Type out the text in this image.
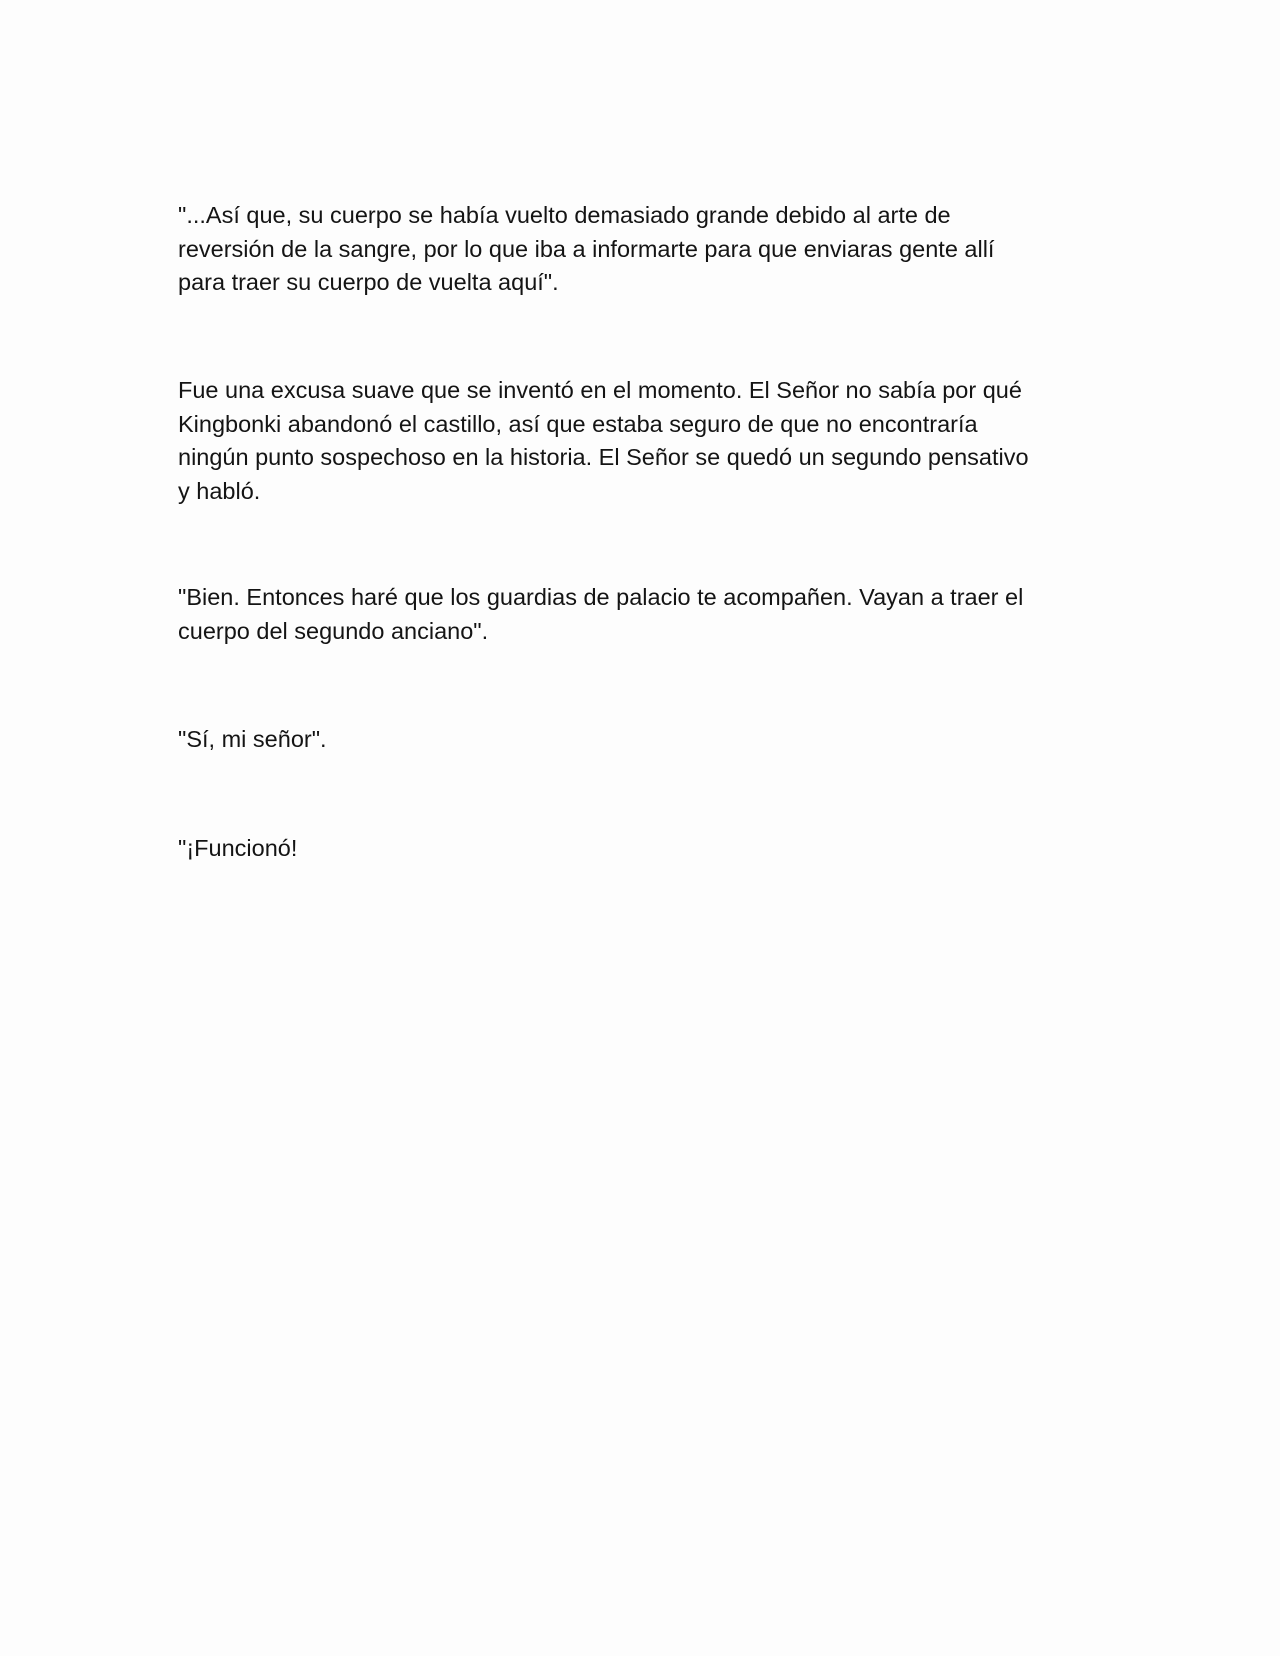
"...Así que, su cuerpo se había vuelto demasiado grande debido al arte de
reversión de la sangre, por lo que iba a informarte para que enviaras gente allí
para traer su cuerpo de vuelta aquí".

Fue una excusa suave que se inventó en el momento. El Señor no sabía por qué
Kingbonki abandonó el castillo, así que estaba seguro de que no encontraría
ningún punto sospechoso en la historia. El Señor se quedó un segundo pensativo
y habló.

"Bien. Entonces haré que los guardias de palacio te acompañen. Vayan a traer el
cuerpo del segundo anciano".

"Sí, mi señor".

"¡Funcionó!
